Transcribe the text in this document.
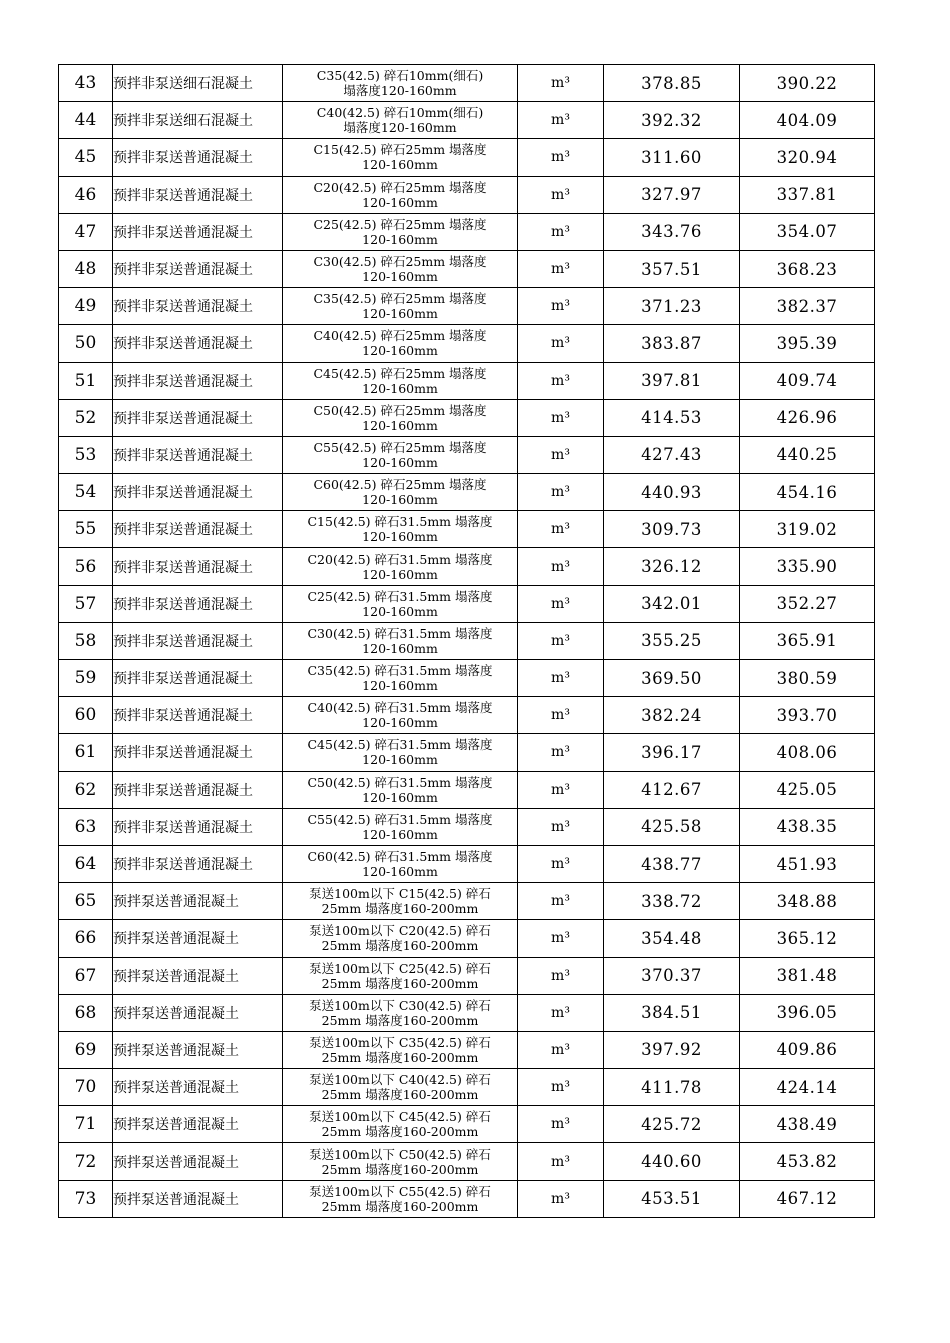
43	预拌非泵送细石混凝土	C35(42.5) 碎石10mm(细石)
塌落度120-160mm	m³	378.85	390.22
44	预拌非泵送细石混凝土	C40(42.5) 碎石10mm(细石)
塌落度120-160mm	m³	392.32	404.09
45	预拌非泵送普通混凝土	C15(42.5) 碎石25mm 塌落度
120-160mm	m³	311.60	320.94
46	预拌非泵送普通混凝土	C20(42.5) 碎石25mm 塌落度
120-160mm	m³	327.97	337.81
47	预拌非泵送普通混凝土	C25(42.5) 碎石25mm 塌落度
120-160mm	m³	343.76	354.07
48	预拌非泵送普通混凝土	C30(42.5) 碎石25mm 塌落度
120-160mm	m³	357.51	368.23
49	预拌非泵送普通混凝土	C35(42.5) 碎石25mm 塌落度
120-160mm	m³	371.23	382.37
50	预拌非泵送普通混凝土	C40(42.5) 碎石25mm 塌落度
120-160mm	m³	383.87	395.39
51	预拌非泵送普通混凝土	C45(42.5) 碎石25mm 塌落度
120-160mm	m³	397.81	409.74
52	预拌非泵送普通混凝土	C50(42.5) 碎石25mm 塌落度
120-160mm	m³	414.53	426.96
53	预拌非泵送普通混凝土	C55(42.5) 碎石25mm 塌落度
120-160mm	m³	427.43	440.25
54	预拌非泵送普通混凝土	C60(42.5) 碎石25mm 塌落度
120-160mm	m³	440.93	454.16
55	预拌非泵送普通混凝土	C15(42.5) 碎石31.5mm 塌落度
120-160mm	m³	309.73	319.02
56	预拌非泵送普通混凝土	C20(42.5) 碎石31.5mm 塌落度
120-160mm	m³	326.12	335.90
57	预拌非泵送普通混凝土	C25(42.5) 碎石31.5mm 塌落度
120-160mm	m³	342.01	352.27
58	预拌非泵送普通混凝土	C30(42.5) 碎石31.5mm 塌落度
120-160mm	m³	355.25	365.91
59	预拌非泵送普通混凝土	C35(42.5) 碎石31.5mm 塌落度
120-160mm	m³	369.50	380.59
60	预拌非泵送普通混凝土	C40(42.5) 碎石31.5mm 塌落度
120-160mm	m³	382.24	393.70
61	预拌非泵送普通混凝土	C45(42.5) 碎石31.5mm 塌落度
120-160mm	m³	396.17	408.06
62	预拌非泵送普通混凝土	C50(42.5) 碎石31.5mm 塌落度
120-160mm	m³	412.67	425.05
63	预拌非泵送普通混凝土	C55(42.5) 碎石31.5mm 塌落度
120-160mm	m³	425.58	438.35
64	预拌非泵送普通混凝土	C60(42.5) 碎石31.5mm 塌落度
120-160mm	m³	438.77	451.93
65	预拌泵送普通混凝土	泵送100m以下 C15(42.5) 碎石
25mm 塌落度160-200mm	m³	338.72	348.88
66	预拌泵送普通混凝土	泵送100m以下 C20(42.5) 碎石
25mm 塌落度160-200mm	m³	354.48	365.12
67	预拌泵送普通混凝土	泵送100m以下 C25(42.5) 碎石
25mm 塌落度160-200mm	m³	370.37	381.48
68	预拌泵送普通混凝土	泵送100m以下 C30(42.5) 碎石
25mm 塌落度160-200mm	m³	384.51	396.05
69	预拌泵送普通混凝土	泵送100m以下 C35(42.5) 碎石
25mm 塌落度160-200mm	m³	397.92	409.86
70	预拌泵送普通混凝土	泵送100m以下 C40(42.5) 碎石
25mm 塌落度160-200mm	m³	411.78	424.14
71	预拌泵送普通混凝土	泵送100m以下 C45(42.5) 碎石
25mm 塌落度160-200mm	m³	425.72	438.49
72	预拌泵送普通混凝土	泵送100m以下 C50(42.5) 碎石
25mm 塌落度160-200mm	m³	440.60	453.82
73	预拌泵送普通混凝土	泵送100m以下 C55(42.5) 碎石
25mm 塌落度160-200mm	m³	453.51	467.12
